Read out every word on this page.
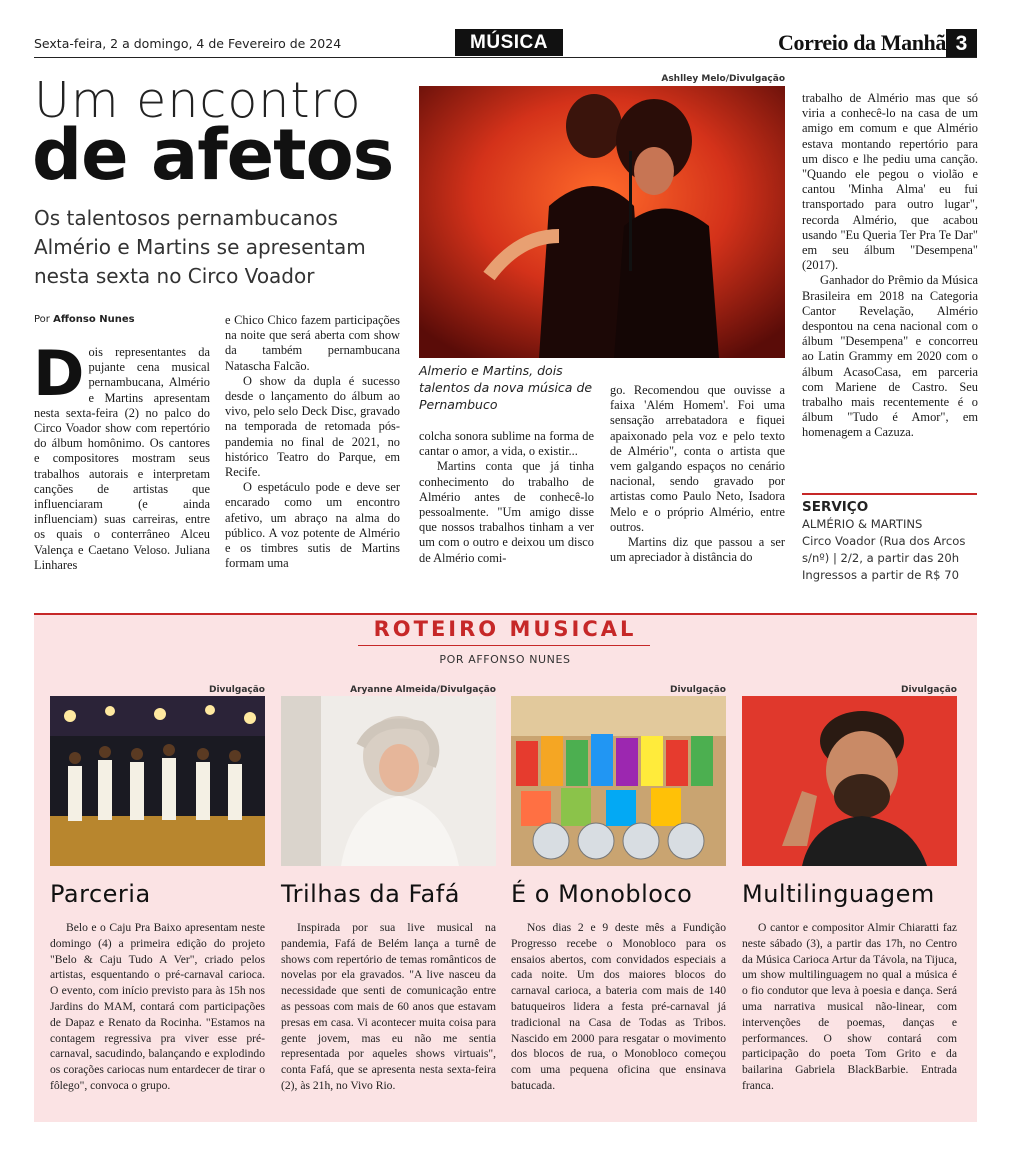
Sexta-feira, 2 a domingo, 4 de Fevereiro de 2024	MÚSICA	Correio da Manhã 3
Um encontro
de afetos
Os talentosos pernambucanos Almério e Martins se apresentam nesta sexta no Circo Voador
Por Affonso Nunes
D ois representantes da pujante cena musical pernambucana, Almério e Martins apresentam nesta sexta-feira (2) no palco do Circo Voador show com repertório do álbum homônimo. Os cantores e compositores mostram seus trabalhos autorais e interpretam canções de artistas que influenciaram (e ainda influenciam) suas carreiras, entre os quais o conterrâneo Alceu Valença e Caetano Veloso. Juliana Linhares

e Chico Chico fazem participações na noite que será aberta com show da também pernambucana Natascha Falcão.

O show da dupla é sucesso desde o lançamento do álbum ao vivo, pelo selo Deck Disc, gravado na temporada de retomada pós-pandemia no final de 2021, no histórico Teatro do Parque, em Recife.

O espetáculo pode e deve ser encarado como um encontro afetivo, um abraço na alma do público. A voz potente de Almério e os timbres sutis de Martins formam uma

Ashlley Melo/Divulgação
Almerio e Martins, dois talentos da nova música de Pernambuco

colcha sonora sublime na forma de cantar o amor, a vida, o existir...

Martins conta que já tinha conhecimento do trabalho de Almério antes de conhecê-lo pessoalmente. "Um amigo disse que nossos trabalhos tinham a ver um com o outro e deixou um disco de Almério comi-

go. Recomendou que ouvisse a faixa 'Além Homem'. Foi uma sensação arrebatadora e fiquei apaixonado pela voz e pelo texto de Almério", conta o artista que vem galgando espaços no cenário nacional, sendo gravado por artistas como Paulo Neto, Isadora Melo e o próprio Almério, entre outros.

Martins diz que passou a ser um apreciador à distância do

trabalho de Almério mas que só viria a conhecê-lo na casa de um amigo em comum e que Almério estava montando repertório para um disco e lhe pediu uma canção. "Quando ele pegou o violão e cantou 'Minha Alma' eu fui transportado para outro lugar", recorda Almério, que acabou usando "Eu Queria Ter Pra Te Dar" em seu álbum "Desempena" (2017).

Ganhador do Prêmio da Música Brasileira em 2018 na Categoria Cantor Revelação, Almério despontou na cena nacional com o álbum "Desempena" e concorreu ao Latin Grammy em 2020 com o álbum AcasoCasa, em parceria com Mariene de Castro. Seu trabalho mais recentemente é o álbum "Tudo é Amor", em homenagem a Cazuza.

SERVIÇO
ALMÉRIO & MARTINS
Circo Voador (Rua dos Arcos s/nº) | 2/2, a partir das 20h
Ingressos a partir de R$ 70
ROTEIRO MUSICAL
POR AFFONSO NUNES
Divulgação
Parceria

Belo e o Caju Pra Baixo apresentam neste domingo (4) a primeira edição do projeto "Belo & Caju Tudo A Ver", criado pelos artistas, esquentando o pré-carnaval carioca. O evento, com início previsto para às 15h nos Jardins do MAM, contará com participações de Dapaz e Renato da Rocinha. "Estamos na contagem regressiva pra viver esse pré-carnaval, sacudindo, balançando e explodindo os corações cariocas num entardecer de tirar o fôlego", convoca o grupo.

Aryanne Almeida/Divulgação
Trilhas da Fafá

Inspirada por sua live musical na pandemia, Fafá de Belém lança a turnê de shows com repertório de temas românticos de novelas por ela gravados. "A live nasceu da necessidade que senti de comunicação entre as pessoas com mais de 60 anos que estavam presas em casa. Vi acontecer muita coisa para gente jovem, mas eu não me sentia representada por aqueles shows virtuais", conta Fafá, que se apresenta nesta sexta-feira (2), às 21h, no Vivo Rio.

Divulgação
É o Monobloco

Nos dias 2 e 9 deste mês a Fundição Progresso recebe o Monobloco para os ensaios abertos, com convidados especiais a cada noite. Um dos maiores blocos do carnaval carioca, a bateria com mais de 140 batuqueiros lidera a festa pré-carnaval já tradicional na Casa de Todas as Tribos. Nascido em 2000 para resgatar o movimento dos blocos de rua, o Monobloco começou com uma pequena oficina que ensinava batucada.

Divulgação
Multilinguagem

O cantor e compositor Almir Chiaratti faz neste sábado (3), a partir das 17h, no Centro da Música Carioca Artur da Távola, na Tijuca, um show multilinguagem no qual a música é o fio condutor que leva à poesia e dança. Será uma narrativa musical não-linear, com intervenções de poemas, danças e performances. O show contará com participação do poeta Tom Grito e da bailarina Gabriela BlackBarbie. Entrada franca.
